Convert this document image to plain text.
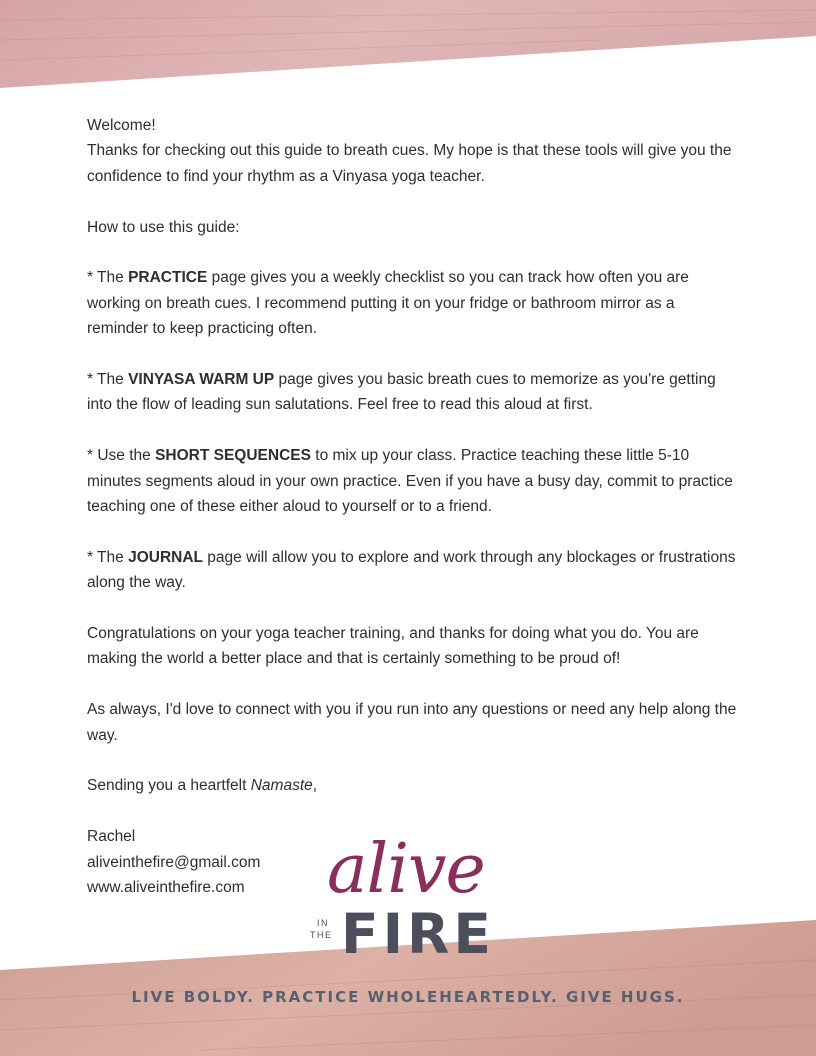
Welcome!

Thanks for checking out this guide to breath cues. My hope is that these tools will give you the confidence to find your rhythm as a Vinyasa yoga teacher.

How to use this guide:

* The PRACTICE page gives you a weekly checklist so you can track how often you are working on breath cues. I recommend putting it on your fridge or bathroom mirror as a reminder to keep practicing often.

* The VINYASA WARM UP page gives you basic breath cues to memorize as you're getting into the flow of leading sun salutations. Feel free to read this aloud at first.

* Use the SHORT SEQUENCES to mix up your class. Practice teaching these little 5-10 minutes segments aloud in your own practice. Even if you have a busy day, commit to practice teaching one of these either aloud to yourself or to a friend.

* The JOURNAL page will allow you to explore and work through any blockages or frustrations along the way.

Congratulations on your yoga teacher training, and thanks for doing what you do. You are making the world a better place and that is certainly something to be proud of!

As always, I'd love to connect with you if you run into any questions or need any help along the way.

Sending you a heartfelt Namaste,

Rachel

aliveinthefire@gmail.com

www.aliveinthefire.com	alive
IN
THE FIRE
LIVE BOLDY. PRACTICE WHOLEHEARTEDLY. GIVE HUGS.
